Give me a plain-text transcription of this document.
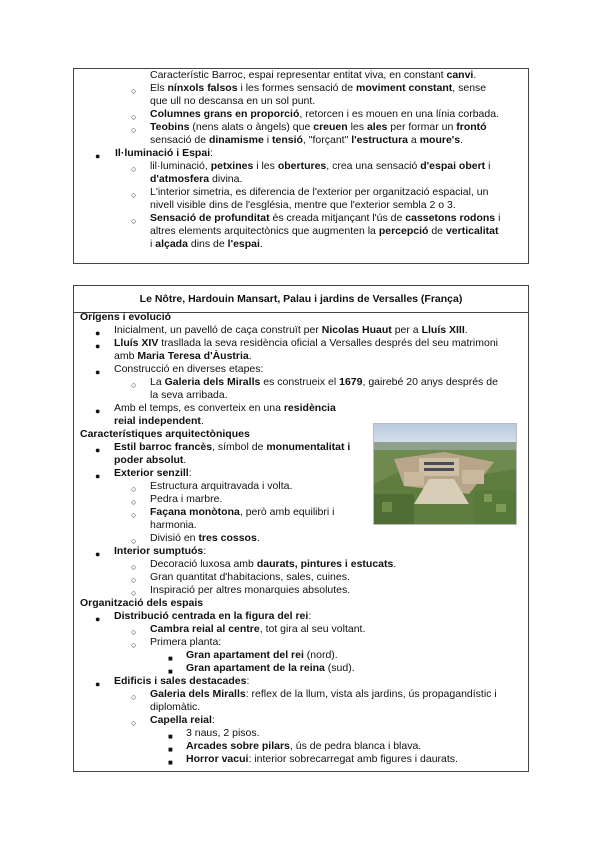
Le Nôtre, Hardouin Mansart, Palau i jardins de Versalles (França)
Característic Barroc, espai representar entitat viva, en constant canvi.
○ Els nínxols falsos i les formes sensació de moviment constant, sense
que ull no descansa en un sol punt.
○ Columnes grans en proporció, retorcen i es mouen en una línia corbada.
○ Teobins (nens alats o àngels) que creuen les ales per formar un frontó
sensació de dinamisme i tensió, "forçant" l'estructura a moure's.
● Il·luminació i Espai:
○ lil·luminació, petxines i les obertures, crea una sensació d'espai obert i
d'atmosfera divina.
○ L'interior simetria, es diferencia de l'exterior per organització espacial, un
nivell visible dins de l'església, mentre que l'exterior sembla 2 o 3.
○ Sensació de profunditat és creada mitjançant l'ús de cassetons rodons i
altres elements arquitectònics que augmenten la percepció de verticalitat
i alçada dins de l'espai.
Orígens i evolució
● Inicialment, un pavelló de caça construït per Nicolas Huaut per a Lluís XIII.
● Lluís XIV trasllada la seva residència oficial a Versalles després del seu matrimoni
amb Maria Teresa d'Àustria.
● Construcció en diverses etapes:
○ La Galeria dels Miralls es construeix el 1679, gairebé 20 anys després de
la seva arribada.
● Amb el temps, es converteix en una residència
reial independent.
Característiques arquitectòniques
● Estil barroc francès, símbol de monumentalitat i
poder absolut.
● Exterior senzill:
○ Estructura arquitravada i volta.
○ Pedra i marbre.
○ Façana monòtona, però amb equilibri i
harmonia.
○ Divisió en tres cossos.
● Interior sumptuós:
○ Decoració luxosa amb daurats, pintures i estucats.
○ Gran quantitat d'habitacions, sales, cuines.
○ Inspiració per altres monarquies absolutes.
Organització dels espais
● Distribució centrada en la figura del rei:
○ Cambra reial al centre, tot gira al seu voltant.
○ Primera planta:
■ Gran apartament del rei (nord).
■ Gran apartament de la reina (sud).
● Edificis i sales destacades:
○ Galeria dels Miralls: reflex de la llum, vista als jardins, ús propagandístic i
diplomàtic.
○ Capella reial:
■ 3 naus, 2 pisos.
■ Arcades sobre pilars, ús de pedra blanca i blava.
■ Horror vacui: interior sobrecarregat amb figures i daurats.
